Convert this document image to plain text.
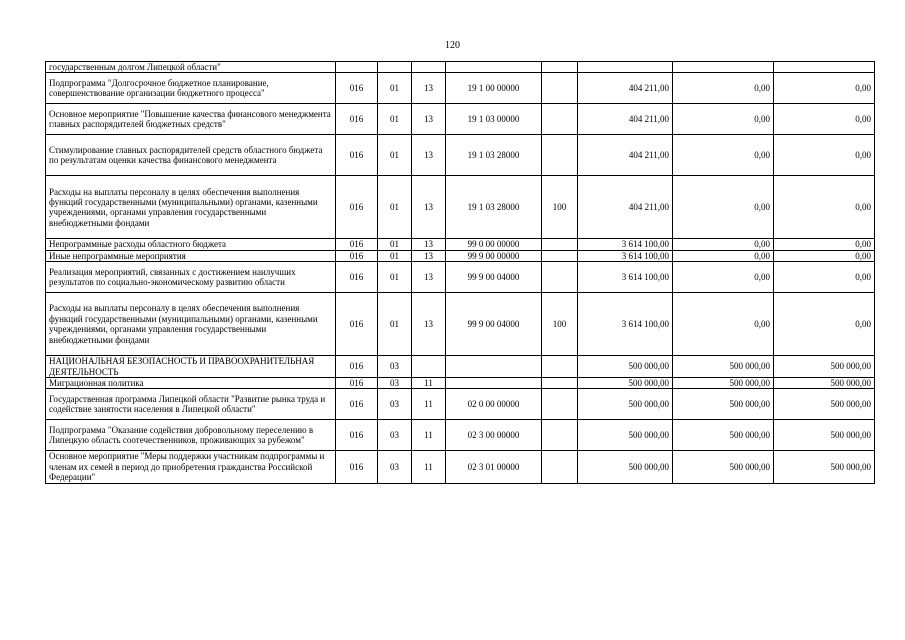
120
государственным долгом Липецкой области"								
Подпрограмма "Долгосрочное бюджетное планирование, совершенствование организации бюджетного процесса"	016	01	13	19 1 00 00000		404 211,00	0,00	0,00
Основное мероприятие "Повышение качества финансового менеджмента главных распорядителей бюджетных средств"	016	01	13	19 1 03 00000		404 211,00	0,00	0,00
Стимулирование главных распорядителей средств областного бюджета по результатам оценки качества финансового менеджмента	016	01	13	19 1 03 28000		404 211,00	0,00	0,00
Расходы на выплаты персоналу в целях обеспечения выполнения функций государственными (муниципальными) органами, казенными учреждениями, органами управления государственными внебюджетными фондами	016	01	13	19 1 03 28000	100	404 211,00	0,00	0,00
Непрограммные расходы областного бюджета	016	01	13	99 0 00 00000		3 614 100,00	0,00	0,00
Иные непрограммные мероприятия	016	01	13	99 9 00 00000		3 614 100,00	0,00	0,00
Реализация мероприятий, связанных с достижением наилучших результатов по социально-экономическому развитию области	016	01	13	99 9 00 04000		3 614 100,00	0,00	0,00
Расходы на выплаты персоналу в целях обеспечения выполнения функций государственными (муниципальными) органами, казенными учреждениями, органами управления государственными внебюджетными фондами	016	01	13	99 9 00 04000	100	3 614 100,00	0,00	0,00
НАЦИОНАЛЬНАЯ БЕЗОПАСНОСТЬ И ПРАВООХРАНИТЕЛЬНАЯ ДЕЯТЕЛЬНОСТЬ	016	03				500 000,00	500 000,00	500 000,00
Миграционная политика	016	03	11			500 000,00	500 000,00	500 000,00
Государственная программа Липецкой области "Развитие рынка труда и содействие занятости населения в Липецкой области"	016	03	11	02 0 00 00000		500 000,00	500 000,00	500 000,00
Подпрограмма "Оказание содействия добровольному переселению в Липецкую область соотечественников, проживающих за рубежом"	016	03	11	02 3 00 00000		500 000,00	500 000,00	500 000,00
Основное мероприятие "Меры поддержки участникам подпрограммы и членам их семей в период до приобретения гражданства Российской Федерации"	016	03	11	02 3 01 00000		500 000,00	500 000,00	500 000,00
